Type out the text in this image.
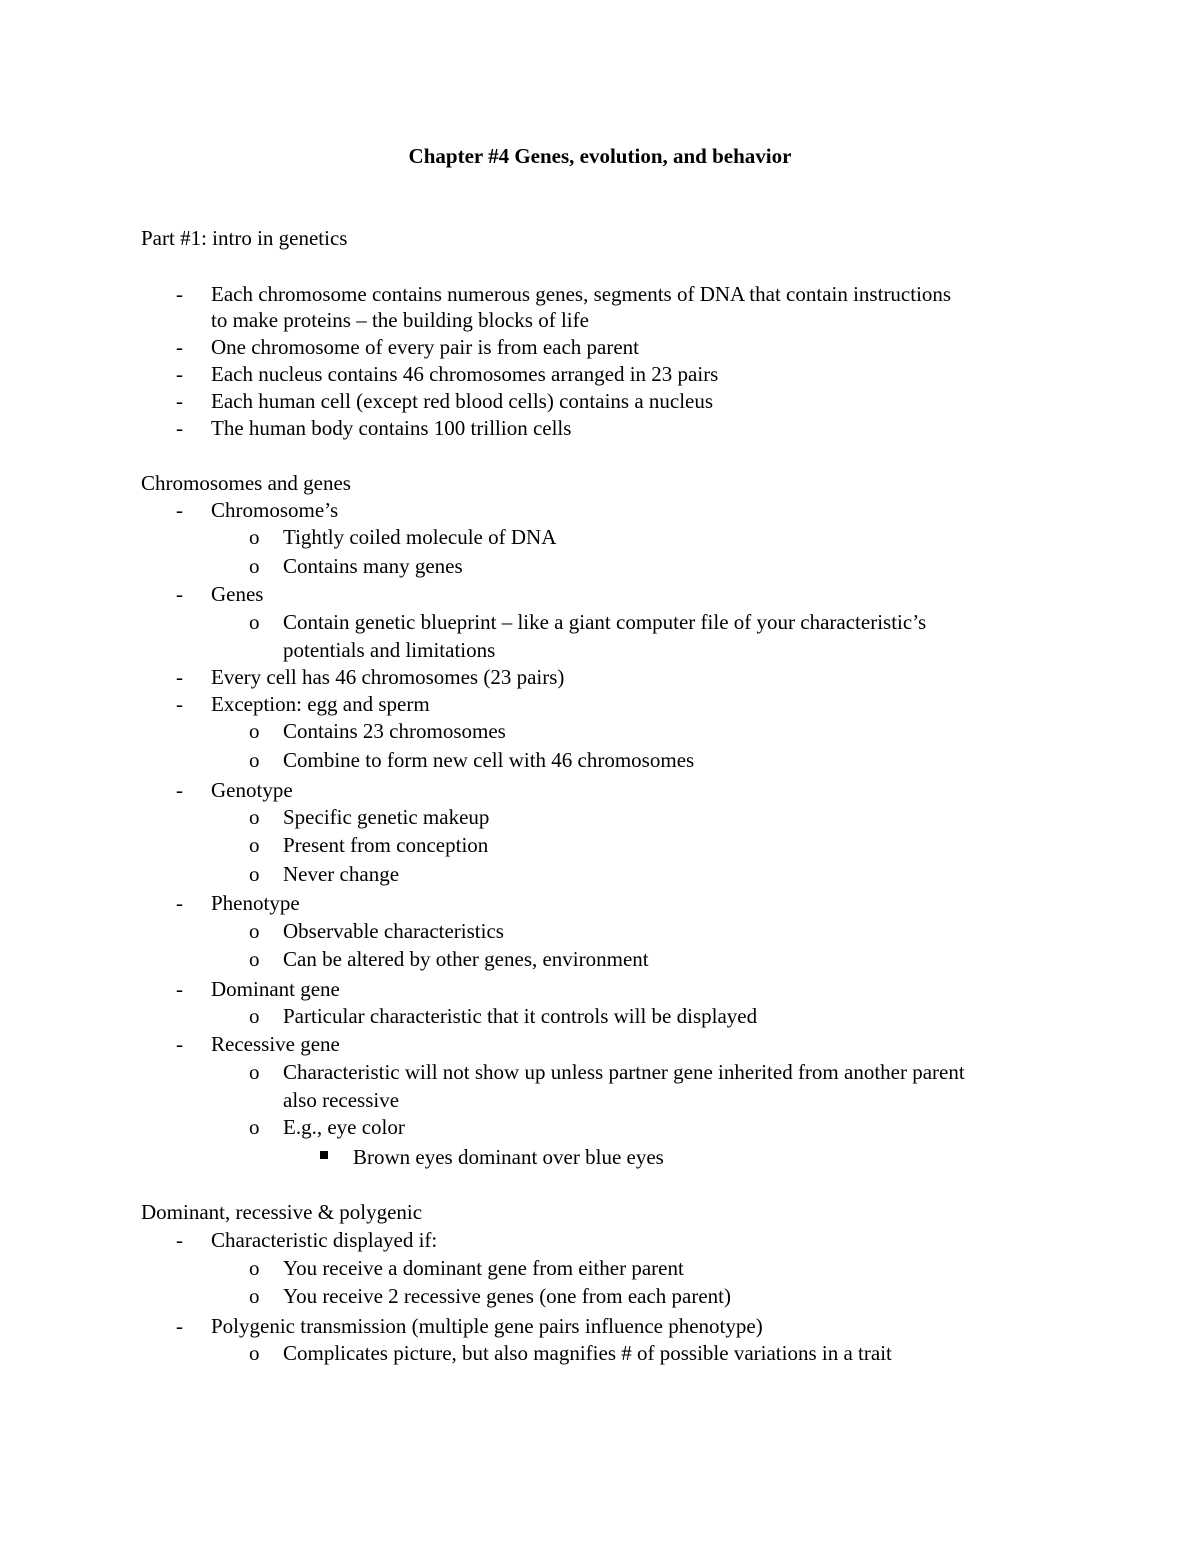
Chapter #4 Genes, evolution, and behavior
Part #1: intro in genetics
- Each chromosome contains numerous genes, segments of DNA that contain instructions
to make proteins – the building blocks of life
- One chromosome of every pair is from each parent
- Each nucleus contains 46 chromosomes arranged in 23 pairs
- Each human cell (except red blood cells) contains a nucleus
- The human body contains 100 trillion cells
Chromosomes and genes
- Chromosome’s
o Tightly coiled molecule of DNA
o Contains many genes
- Genes
o Contain genetic blueprint – like a giant computer file of your characteristic’s
potentials and limitations
- Every cell has 46 chromosomes (23 pairs)
- Exception: egg and sperm
o Contains 23 chromosomes
o Combine to form new cell with 46 chromosomes
- Genotype
o Specific genetic makeup
o Present from conception
o Never change
- Phenotype
o Observable characteristics
o Can be altered by other genes, environment
- Dominant gene
o Particular characteristic that it controls will be displayed
- Recessive gene
o Characteristic will not show up unless partner gene inherited from another parent
also recessive
o E.g., eye color
Brown eyes dominant over blue eyes
Dominant, recessive & polygenic
- Characteristic displayed if:
o You receive a dominant gene from either parent
o You receive 2 recessive genes (one from each parent)
- Polygenic transmission (multiple gene pairs influence phenotype)
o Complicates picture, but also magnifies # of possible variations in a trait
